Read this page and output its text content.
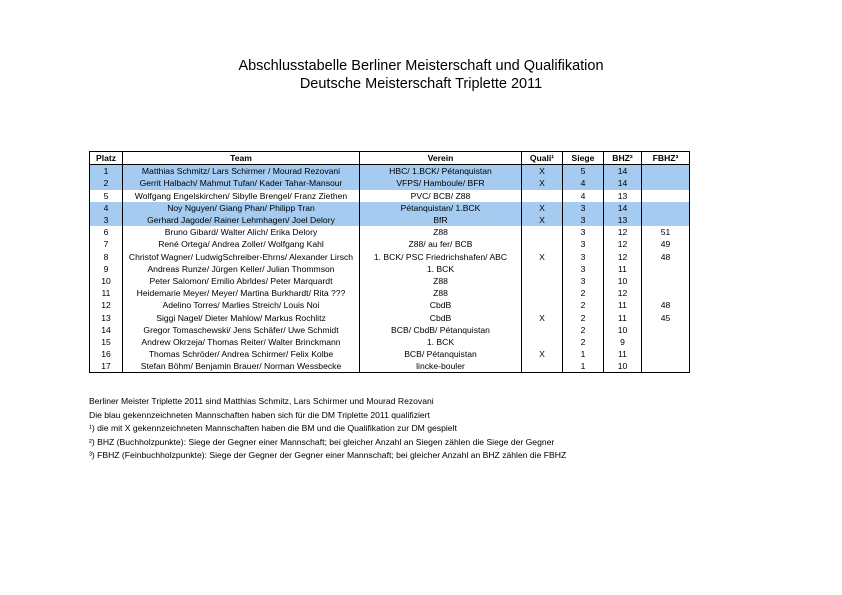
Abschlusstabelle Berliner Meisterschaft und Qualifikation
Deutsche Meisterschaft Triplette 2011
Platz	Team	Verein	Quali¹	Siege	BHZ²	FBHZ³
1	Matthias Schmitz/ Lars Schirmer / Mourad Rezovani	HBC/ 1.BCK/ Pétanquistan	X	5	14	
2	Gerrit Halbach/ Mahmut Tufan/ Kader Tahar-Mansour	VFPS/ Hamboule/ BFR	X	4	14	
5	Wolfgang Engelskirchen/ Sibylle Brengel/ Franz Ziethen	PVC/ BCB/ Z88		4	13	
4	Noy Nguyen/ Giang Phan/ Philipp Tran	Pétanquistan/ 1.BCK	X	3	14	
3	Gerhard Jagode/ Rainer Lehmhagen/ Joel Delory	BfR	X	3	13	
6	Bruno Gibard/ Walter Alich/ Erika Delory	Z88		3	12	51
7	René Ortega/ Andrea Zoller/ Wolfgang Kahl	Z88/ au fer/ BCB		3	12	49
8	Christof Wagner/ LudwigSchreiber-Ehrns/ Alexander Lirsch	1. BCK/ PSC Friedrichshafen/ ABC	X	3	12	48
9	Andreas Runze/ Jürgen Keller/ Julian Thommson	1. BCK		3	11	
10	Peter Salomon/ Emilio Abrldes/ Peter Marquardt	Z88		3	10	
11	Heidemarie Meyer/ Meyer/ Martina Burkhardt/ Rita ???	Z88		2	12	
12	Adelino Torres/ Marlies Streich/ Louis Noi	CbdB		2	11	48
13	Siggi Nagel/ Dieter Mahlow/ Markus Rochlitz	CbdB	X	2	11	45
14	Gregor Tomaschewski/ Jens Schäfer/ Uwe Schmidt	BCB/ CbdB/ Pétanquistan		2	10	
15	Andrew Okrzeja/ Thomas Reiter/ Walter Brinckmann	1. BCK		2	9	
16	Thomas Schröder/ Andrea Schirmer/ Felix Kolbe	BCB/ Pétanquistan	X	1	11	
17	Stefan Böhm/ Benjamin Brauer/ Norman Wessbecke	lincke-bouler		1	10	
Berliner Meister Triplette 2011 sind Matthias Schmitz, Lars Schirmer und Mourad Rezovani
Die blau gekennzeichneten Mannschaften haben sich für die DM Triplette 2011 qualifiziert
¹) die mit X gekennzeichneten Mannschaften haben die BM und die Qualifikation zur DM gespielt
²) BHZ (Buchholzpunkte): Siege der Gegner einer Mannschaft; bei gleicher Anzahl an Siegen zählen die Siege der Gegner
³) FBHZ (Feinbuchholzpunkte): Siege der Gegner der Gegner einer Mannschaft; bei gleicher Anzahl an BHZ zählen die FBHZ
